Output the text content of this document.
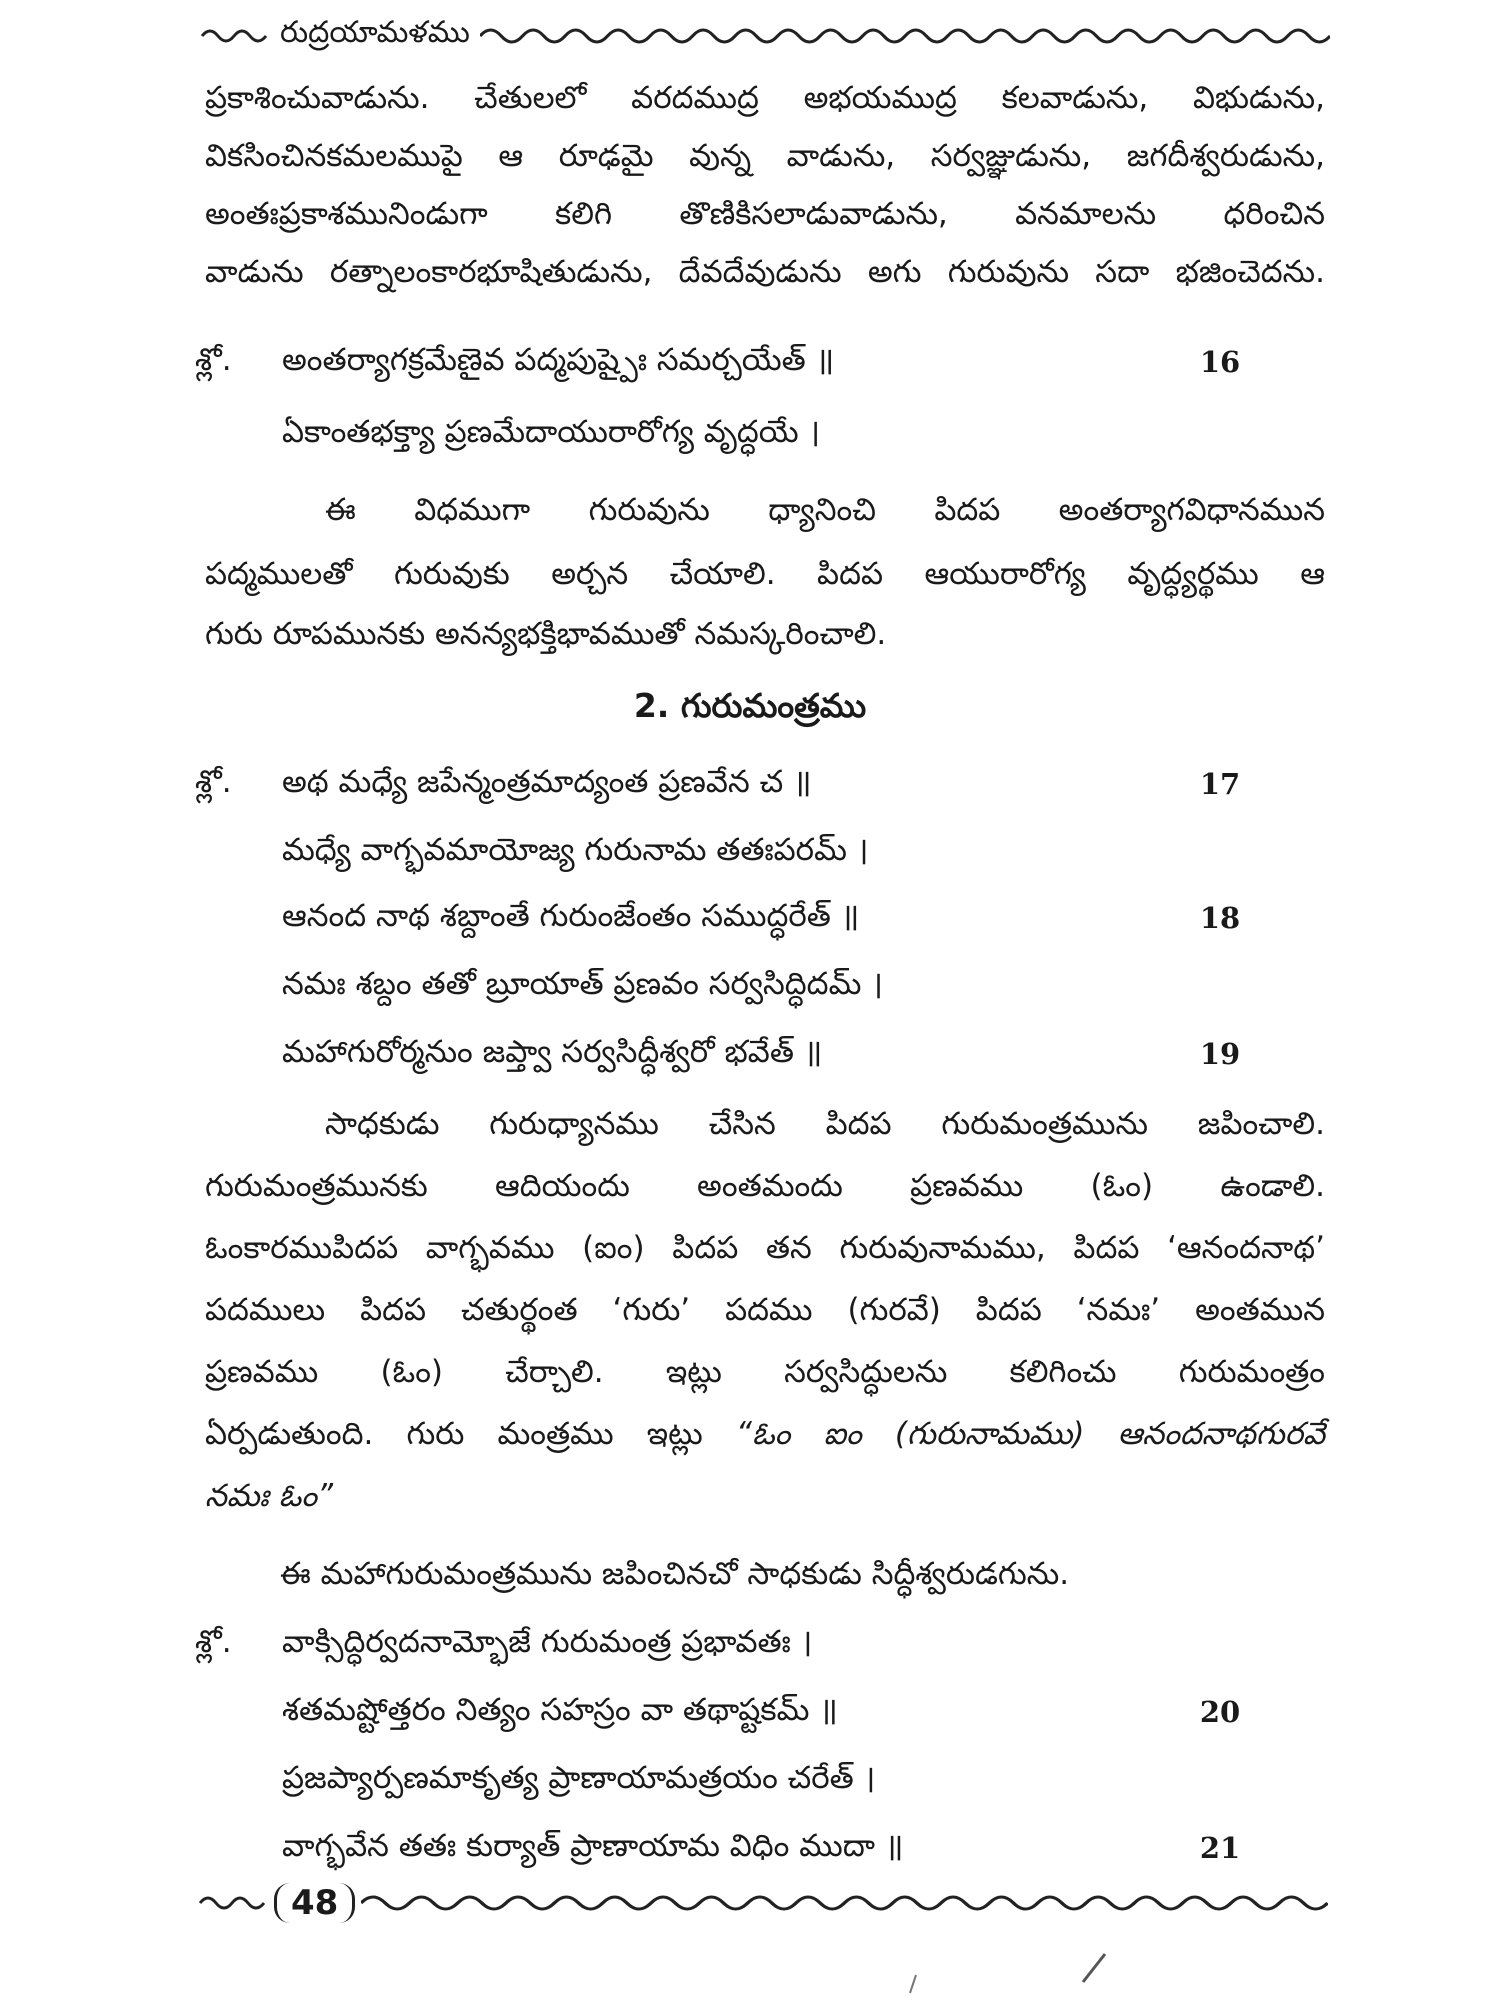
రుద్రయామళము
ప్రకాశించువాడును. చేతులలో వరదముద్ర అభయముద్ర కలవాడును, విభుడును,
వికసించినకమలముపై ఆ రూఢమై వున్న వాడును, సర్వజ్ఞుడును, జగదీశ్వరుడును,
అంతఃప్రకాశమునిండుగా కలిగి తొణికిసలాడువాడును, వనమాలను ధరించిన
వాడును రత్నాలంకారభూషితుడును, దేవదేవుడును అగు గురువును సదా భజించెదను.
శ్లో. అంతర్యాగక్రమేణైవ పద్మపుష్పైః సమర్చయేత్ ॥	16
ఏకాంతభక్త్యా ప్రణమేదాయురారోగ్య వృద్ధయే ।
ఈ విధముగా గురువును ధ్యానించి పిదప అంతర్యాగవిధానమున
పద్మములతో గురువుకు అర్చన చేయాలి. పిదప ఆయురారోగ్య వృద్ధ్యర్థము ఆ
గురు రూపమునకు అనన్యభక్తిభావముతో నమస్కరించాలి.
2. గురుమంత్రము
శ్లో. అథ మధ్యే జపేన్మంత్రమాద్యంత ప్రణవేన చ ॥	17
మధ్యే వాగ్భవమాయోజ్య గురునామ తతఃపరమ్ ।
ఆనంద నాథ శబ్దాంతే గురుంజేంతం సముద్ధరేత్ ॥	18
నమః శబ్దం తతో బ్రూయాత్ ప్రణవం సర్వసిద్ధిదమ్ ।
మహాగురోర్మనుం జప్త్వా సర్వసిద్ధీశ్వరో భవేత్ ॥	19
సాధకుడు గురుధ్యానము చేసిన పిదప గురుమంత్రమును జపించాలి.
గురుమంత్రమునకు ఆదియందు అంతమందు ప్రణవము (ఓం) ఉండాలి.
ఓంకారముపిదప వాగ్భవము (ఐం) పిదప తన గురువునామము, పిదప ‘ఆనందనాథ’
పదములు పిదప చతుర్థంత ‘గురు’ పదము (గురవే) పిదప ‘నమః’ అంతమున
ప్రణవము (ఓం) చేర్చాలి. ఇట్లు సర్వసిద్ధులను కలిగించు గురుమంత్రం
ఏర్పడుతుంది. గురు మంత్రము ఇట్లు “ఓం ఐం (గురునామము) ఆనందనాథగురవే
నమః ఓం”
ఈ మహాగురుమంత్రమును జపించినచో సాధకుడు సిద్ధీశ్వరుడగును.
శ్లో. వాక్సిద్ధిర్వదనామ్భోజే గురుమంత్ర ప్రభావతః ।
శతమష్టోత్తరం నిత్యం సహస్రం వా తథాష్టకమ్ ॥	20
ప్రజప్యార్పణమాకృత్య ప్రాణాయామత్రయం చరేత్ ।
వాగ్భవేన తతః కుర్యాత్ ప్రాణాయామ విధిం ముదా ॥	21
48
